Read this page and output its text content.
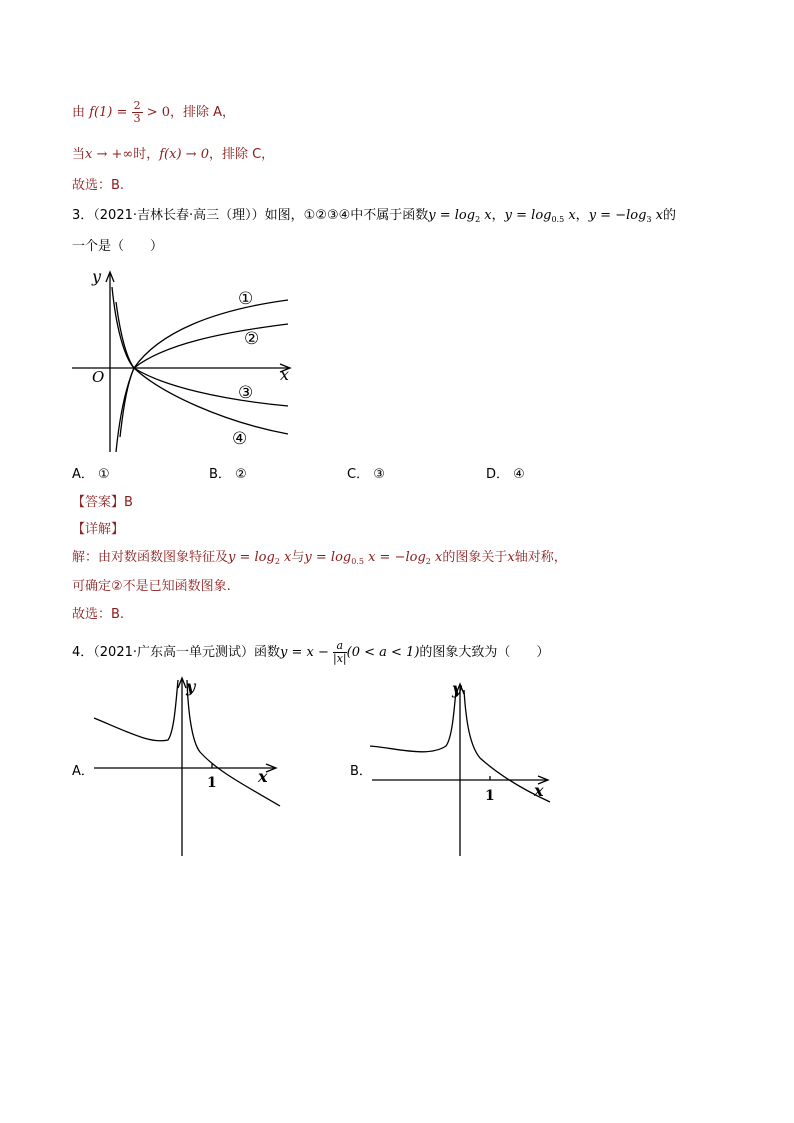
由 $f(1) = \frac{2}{3} > 0$，排除 A，
当x → +∞时，f(x) → 0，排除 C，
故选：B.
3．（2021·吉林长春·高三（理））如图，①②③④中不属于函数$y = \log_2 x$，$y = \log_{0.5} x$，$y = -\log_3$ x的
一个是（　　）
y
x
O
①
②
③
④
A． ①	B． ②	C． ③	D． ④
【答案】B
【详解】
解：由对数函数图象特征及$y = \log_2 x$与$y = \log_{0.5} x = -\log_2$ x的图象关于x轴对称，
可确定②不是已知函数图象.
故选：B.
4．（2021·广东高一单元测试）函数$y = x - \frac{a}{|x|} (0 < a < 1)$的图象大致为（　　）
A．
y
x
1
B．
y
x
1
